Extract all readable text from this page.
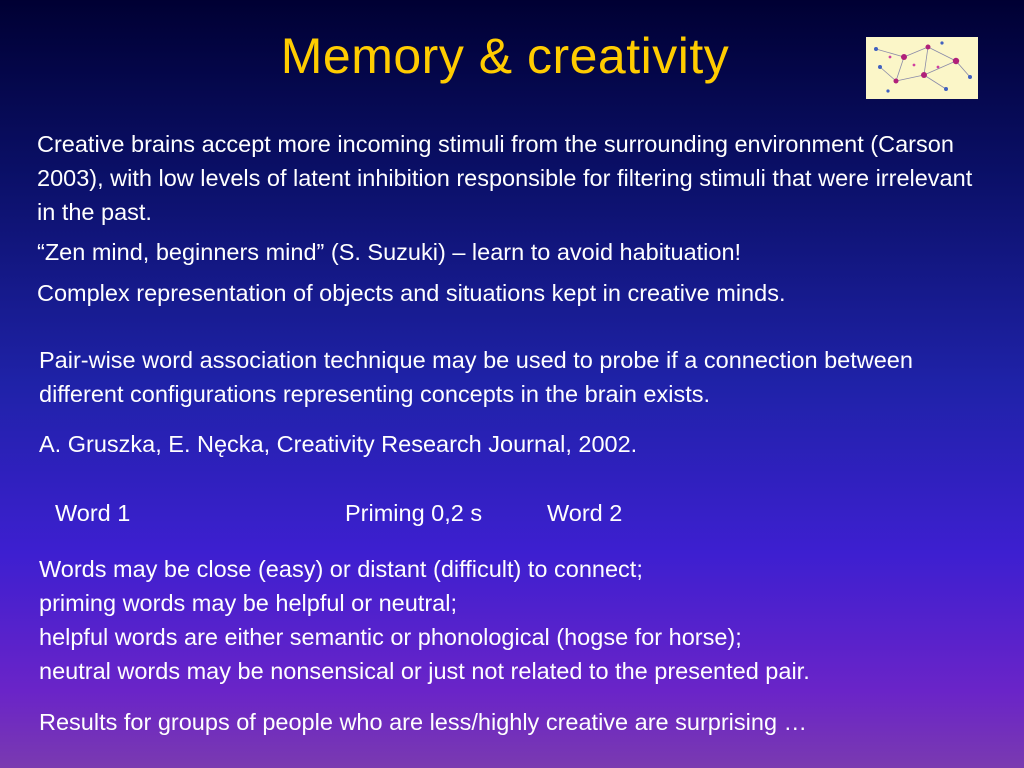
Memory & creativity
Creative brains accept more incoming stimuli from the surrounding environment (Carson 2003), with low levels of latent inhibition responsible for filtering stimuli that were irrelevant in the past.
“Zen mind, beginners mind” (S. Suzuki) – learn to avoid habituation!
Complex representation of objects and situations kept in creative minds.
Pair-wise word association technique may be used to probe if a connection between different configurations representing concepts in the brain exists.
A. Gruszka, E. Nęcka, Creativity Research Journal, 2002.
Word 1	Priming 0,2 s	Word 2
Words may be close (easy) or distant (difficult) to connect;
priming words may be helpful or neutral;
helpful words are either semantic or phonological (hogse for horse);
neutral words may be nonsensical or just not related to the presented pair.
Results for groups of people who are less/highly creative are surprising …
